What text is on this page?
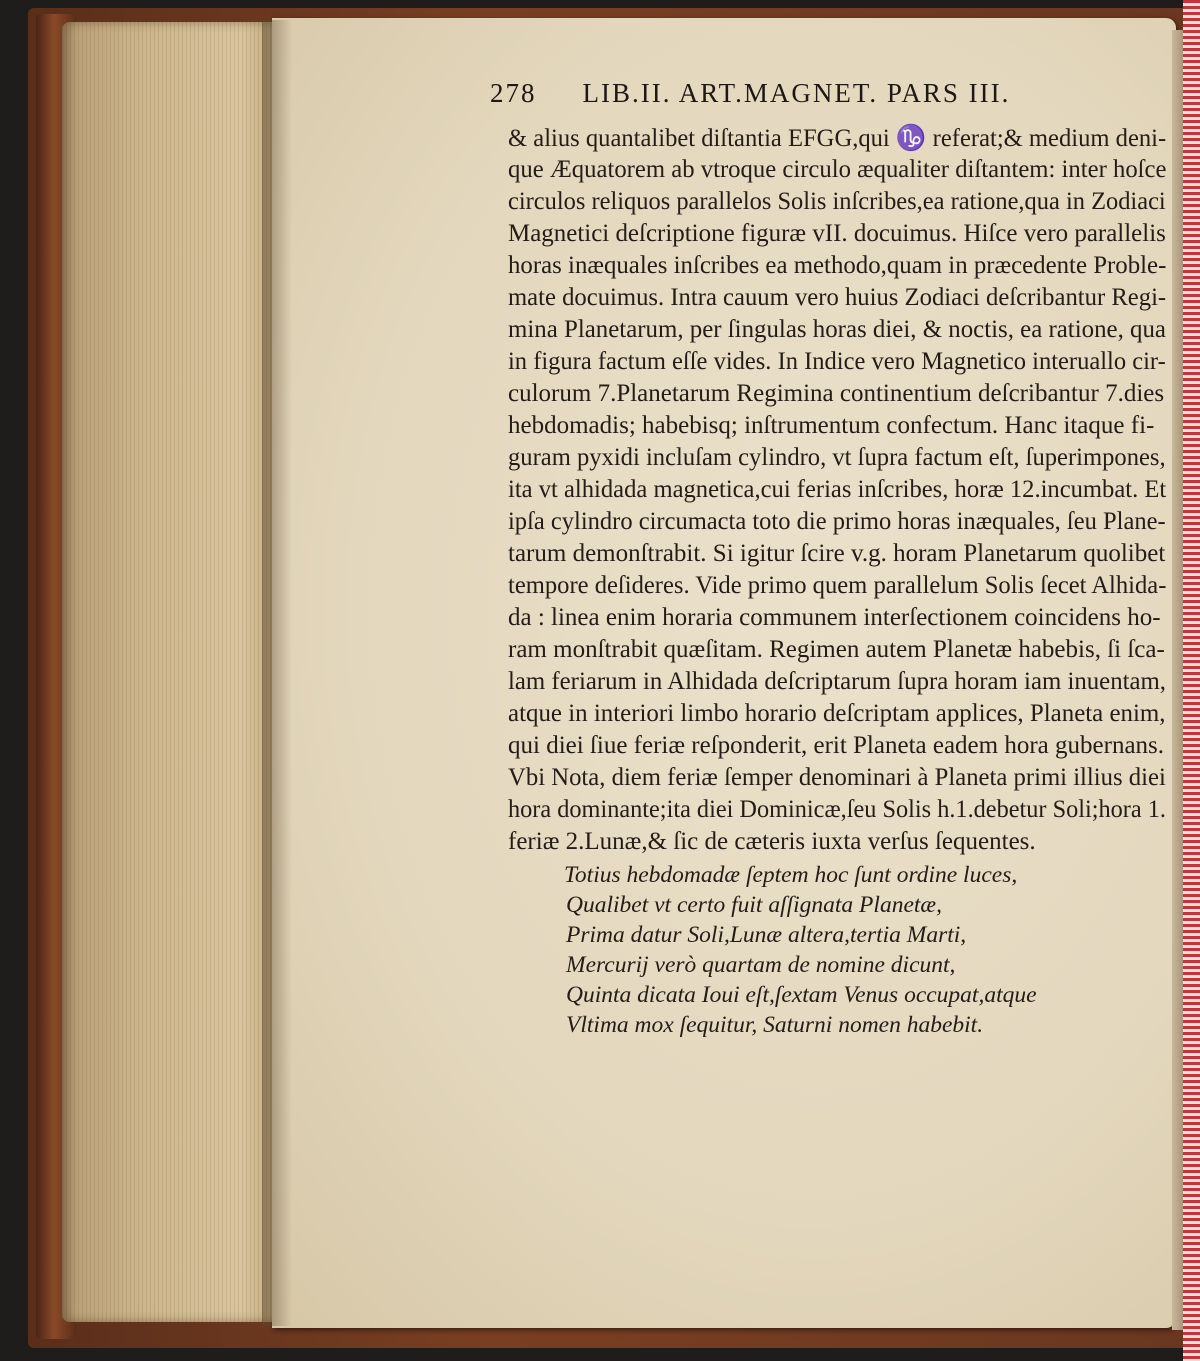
278 LIB.II. ART.MAGNET. PARS III.
& alius quantalibet diſtantia EFGG,qui ♑ referat;& medium deni-
que Æquatorem ab vtroque circulo æqualiter diſtantem: inter hoſce
circulos reliquos parallelos Solis inſcribes,ea ratione,qua in Zodiaci
Magnetici deſcriptione figuræ vII. docuimus. Hiſce vero parallelis
horas inæquales inſcribes ea methodo,quam in præcedente Proble-
mate docuimus. Intra cauum vero huius Zodiaci deſcribantur Regi-
mina Planetarum, per ſingulas horas diei, & noctis, ea ratione, qua
in figura factum eſſe vides. In Indice vero Magnetico interuallo cir-
culorum 7.Planetarum Regimina continentium deſcribantur 7.dies
hebdomadis; habebisq; inſtrumentum confectum. Hanc itaque fi-
guram pyxidi incluſam cylindro, vt ſupra factum eſt, ſuperimpones,
ita vt alhidada magnetica,cui ferias inſcribes, horæ 12.incumbat. Et
ipſa cylindro circumacta toto die primo horas inæquales, ſeu Plane-
tarum demonſtrabit. Si igitur ſcire v.g. horam Planetarum quolibet
tempore deſideres. Vide primo quem parallelum Solis ſecet Alhida-
da : linea enim horaria communem interſectionem coincidens ho-
ram monſtrabit quæſitam. Regimen autem Planetæ habebis, ſi ſca-
lam feriarum in Alhidada deſcriptarum ſupra horam iam inuentam,
atque in interiori limbo horario deſcriptam applices, Planeta enim,
qui diei ſiue feriæ reſponderit, erit Planeta eadem hora gubernans.
Vbi Nota, diem feriæ ſemper denominari à Planeta primi illius diei
hora dominante;ita diei Dominicæ,ſeu Solis h.1.debetur Soli;hora 1.
feriæ 2.Lunæ,& ſic de cæteris iuxta verſus ſequentes.
Totius hebdomadæ ſeptem hoc ſunt ordine luces,
Qualibet vt certo fuit aſſignata Planetæ,
Prima datur Soli,Lunæ altera,tertia Marti,
Mercurij verò quartam de nomine dicunt,
Quinta dicata Ioui eſt,ſextam Venus occupat,atque
Vltima mox ſequitur, Saturni nomen habebit.
